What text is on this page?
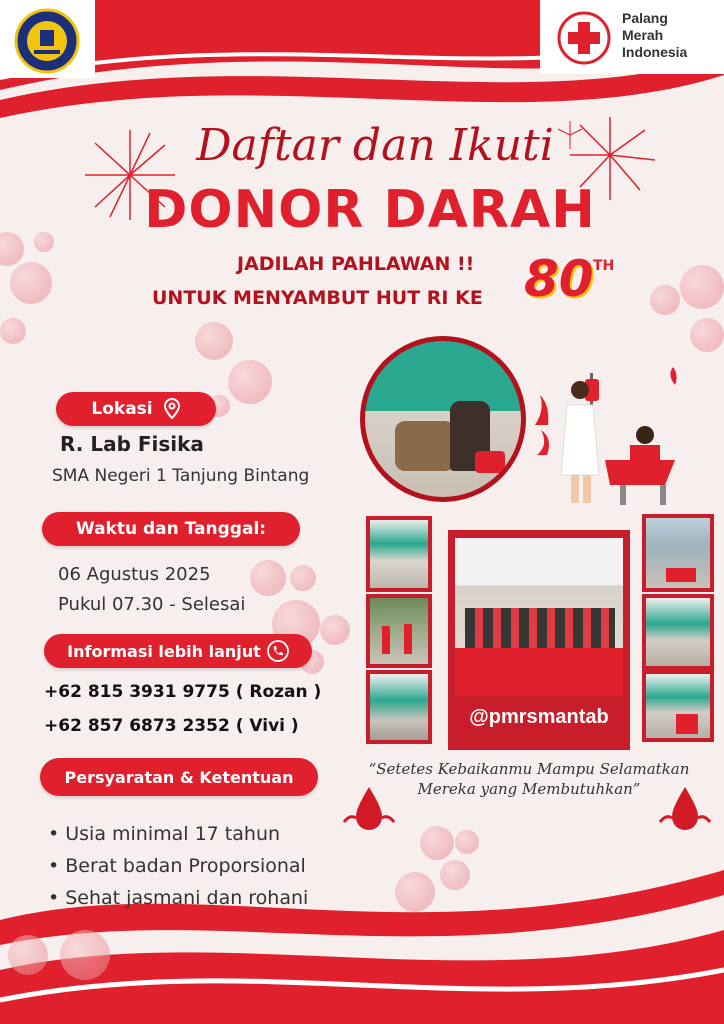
Palang
Merah
Indonesia
Daftar dan Ikuti
DONOR DARAH
JADILAH PAHLAWAN !!
UNTUK MENYAMBUT HUT RI KE 80 TH
Lokasi
R. Lab Fisika
SMA Negeri 1 Tanjung Bintang
Waktu dan Tanggal:
06 Agustus 2025
Pukul 07.30 - Selesai
Informasi lebih lanjut
+62 815 3931 9775 ( Rozan )
+62 857 6873 2352 ( Vivi )
Persyaratan & Ketentuan
• Usia minimal 17 tahun
• Berat badan Proporsional
• Sehat jasmani dan rohani
@pmrsmantab
“Setetes Kebaikanmu Mampu Selamatkan
Mereka yang Membutuhkan”
